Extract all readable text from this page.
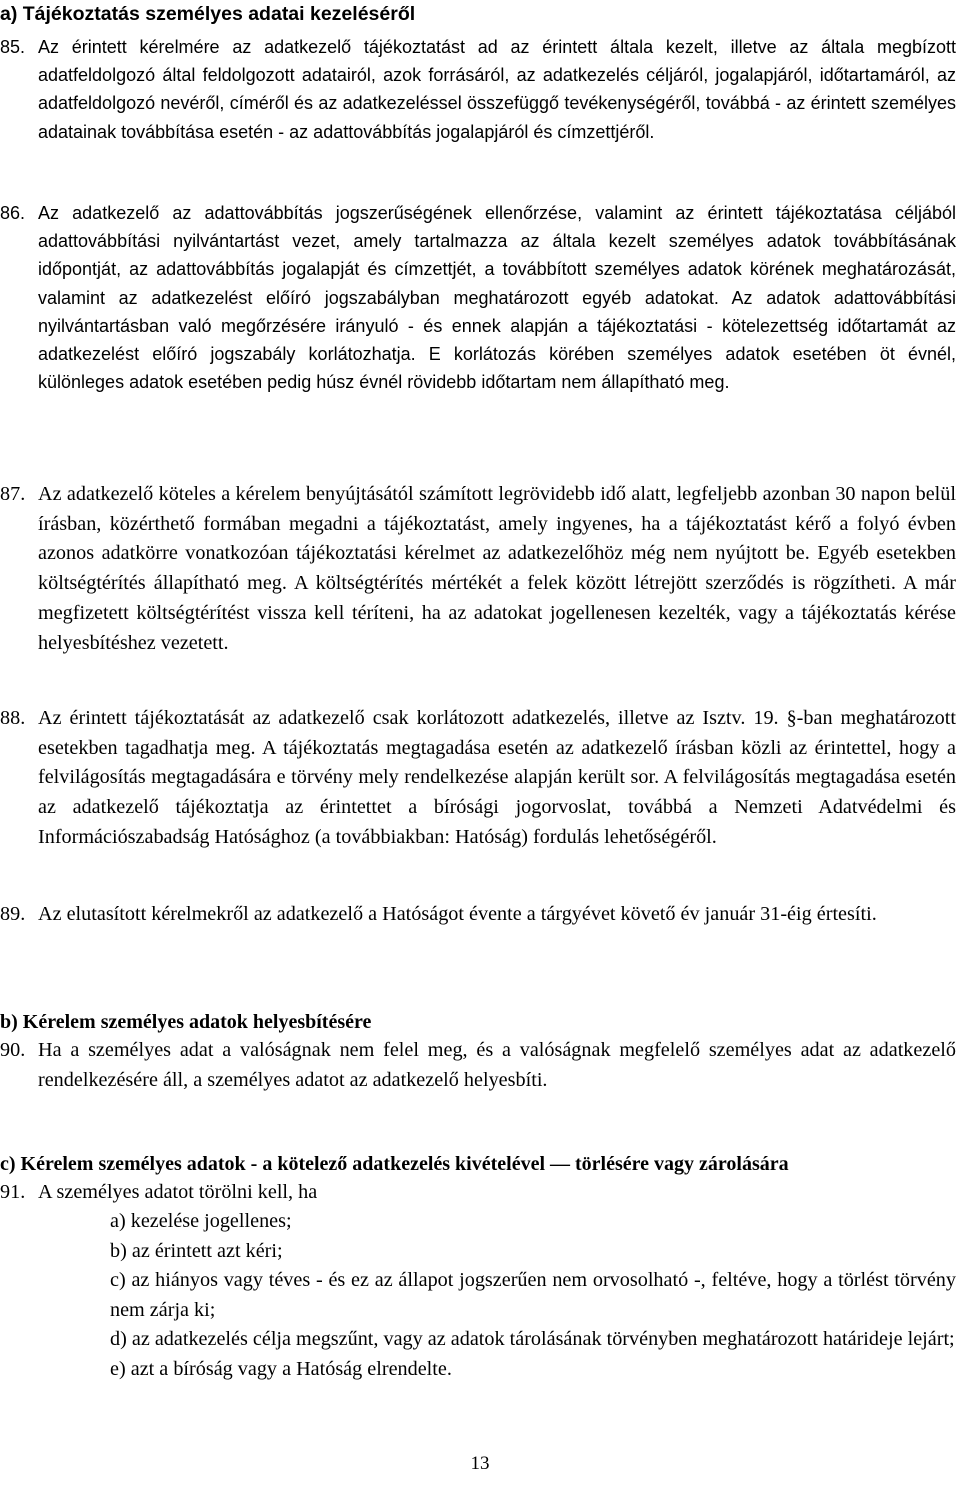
a) Tájékoztatás személyes adatai kezeléséről
85. Az érintett kérelmére az adatkezelő tájékoztatást ad az érintett általa kezelt, illetve az általa megbízott adatfeldolgozó által feldolgozott adatairól, azok forrásáról, az adatkezelés céljáról, jogalapjáról, időtartamáról, az adatfeldolgozó nevéről, címéről és az adatkezeléssel összefüggő tevékenységéről, továbbá - az érintett személyes adatainak továbbítása esetén - az adattovábbítás jogalapjáról és címzettjéről.
86. Az adatkezelő az adattovábbítás jogszerűségének ellenőrzése, valamint az érintett tájékoztatása céljából adattovábbítási nyilvántartást vezet, amely tartalmazza az általa kezelt személyes adatok továbbításának időpontját, az adattovábbítás jogalapját és címzettjét, a továbbított személyes adatok körének meghatározását, valamint az adatkezelést előíró jogszabályban meghatározott egyéb adatokat. Az adatok adattovábbítási nyilvántartásban való megőrzésére irányuló - és ennek alapján a tájékoztatási - kötelezettség időtartamát az adatkezelést előíró jogszabály korlátozhatja. E korlátozás körében személyes adatok esetében öt évnél, különleges adatok esetében pedig húsz évnél rövidebb időtartam nem állapítható meg.
87. Az adatkezelő köteles a kérelem benyújtásától számított legrövidebb idő alatt, legfeljebb azonban 30 napon belül írásban, közérthető formában megadni a tájékoztatást, amely ingyenes, ha a tájékoztatást kérő a folyó évben azonos adatkörre vonatkozóan tájékoztatási kérelmet az adatkezelőhöz még nem nyújtott be. Egyéb esetekben költségtérítés állapítható meg. A költségtérítés mértékét a felek között létrejött szerződés is rögzítheti. A már megfizetett költségtérítést vissza kell téríteni, ha az adatokat jogellenesen kezelték, vagy a tájékoztatás kérése helyesbítéshez vezetett.
88. Az érintett tájékoztatását az adatkezelő csak korlátozott adatkezelés, illetve az Isztv. 19. §-ban meghatározott esetekben tagadhatja meg. A tájékoztatás megtagadása esetén az adatkezelő írásban közli az érintettel, hogy a felvilágosítás megtagadására e törvény mely rendelkezése alapján került sor. A felvilágosítás megtagadása esetén az adatkezelő tájékoztatja az érintettet a bírósági jogorvoslat, továbbá a Nemzeti Adatvédelmi és Információszabadság Hatósághoz (a továbbiakban: Hatóság) fordulás lehetőségéről.
89. Az elutasított kérelmekről az adatkezelő a Hatóságot évente a tárgyévet követő év január 31-éig értesíti.
b) Kérelem személyes adatok helyesbítésére
90. Ha a személyes adat a valóságnak nem felel meg, és a valóságnak megfelelő személyes adat az adatkezelő rendelkezésére áll, a személyes adatot az adatkezelő helyesbíti.
c) Kérelem személyes adatok - a kötelező adatkezelés kivételével — törlésére vagy zárolására
91. A személyes adatot törölni kell, ha

a) kezelése jogellenes;

b) az érintett azt kéri;

c) az hiányos vagy téves - és ez az állapot jogszerűen nem orvosolható -, feltéve, hogy a törlést törvény nem zárja ki;

d) az adatkezelés célja megszűnt, vagy az adatok tárolásának törvényben meghatározott határideje lejárt;

e) azt a bíróság vagy a Hatóság elrendelte.

13
